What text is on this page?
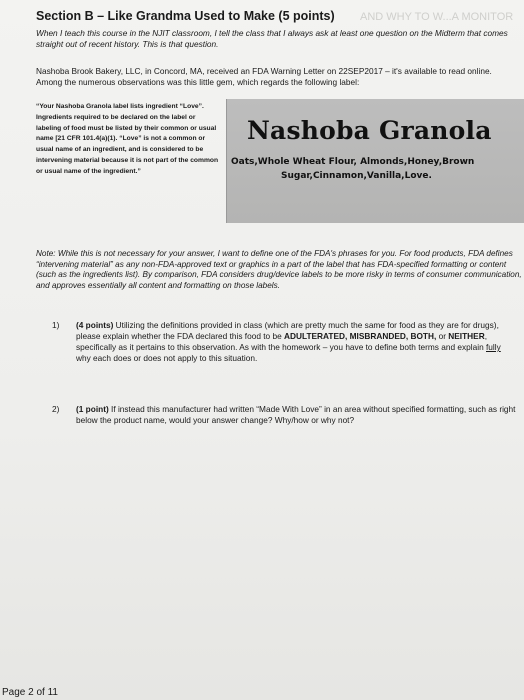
AND WHY TO W...A MONITOR
Section B – Like Grandma Used to Make (5 points)
When I teach this course in the NJIT classroom, I tell the class that I always ask at least one question on the Midterm that comes straight out of recent history. This is that question.
Nashoba Brook Bakery, LLC, in Concord, MA, received an FDA Warning Letter on 22SEP2017 – it's available to read online. Among the numerous observations was this little gem, which regards the following label:
“Your Nashoba Granola label lists ingredient “Love”. Ingredients required to be declared on the label or labeling of food must be listed by their common or usual name [21 CFR 101.4(a)(1). “Love” is not a common or usual name of an ingredient, and is considered to be intervening material because it is not part of the common or usual name of the ingredient.”
Nashoba Granola
Oats,Whole Wheat Flour, Almonds,Honey,Brown
Sugar,Cinnamon,Vanilla,Love.
Note: While this is not necessary for your answer, I want to define one of the FDA's phrases for you. For food products, FDA defines “intervening material” as any non-FDA-approved text or graphics in a part of the label that has FDA-specified formatting or content (such as the ingredients list). By comparison, FDA considers drug/device labels to be more risky in terms of consumer communication, and approves essentially all content and formatting on those labels.
1)	(4 points) Utilizing the definitions provided in class (which are pretty much the same for food as they are for drugs), please explain whether the FDA declared this food to be ADULTERATED, MISBRANDED, BOTH, or NEITHER, specifically as it pertains to this observation. As with the homework – you have to define both terms and explain fully why each does or does not apply to this situation.
2)	(1 point) If instead this manufacturer had written “Made With Love” in an area without specified formatting, such as right below the product name, would your answer change? Why/how or why not?
Page 2 of 11
